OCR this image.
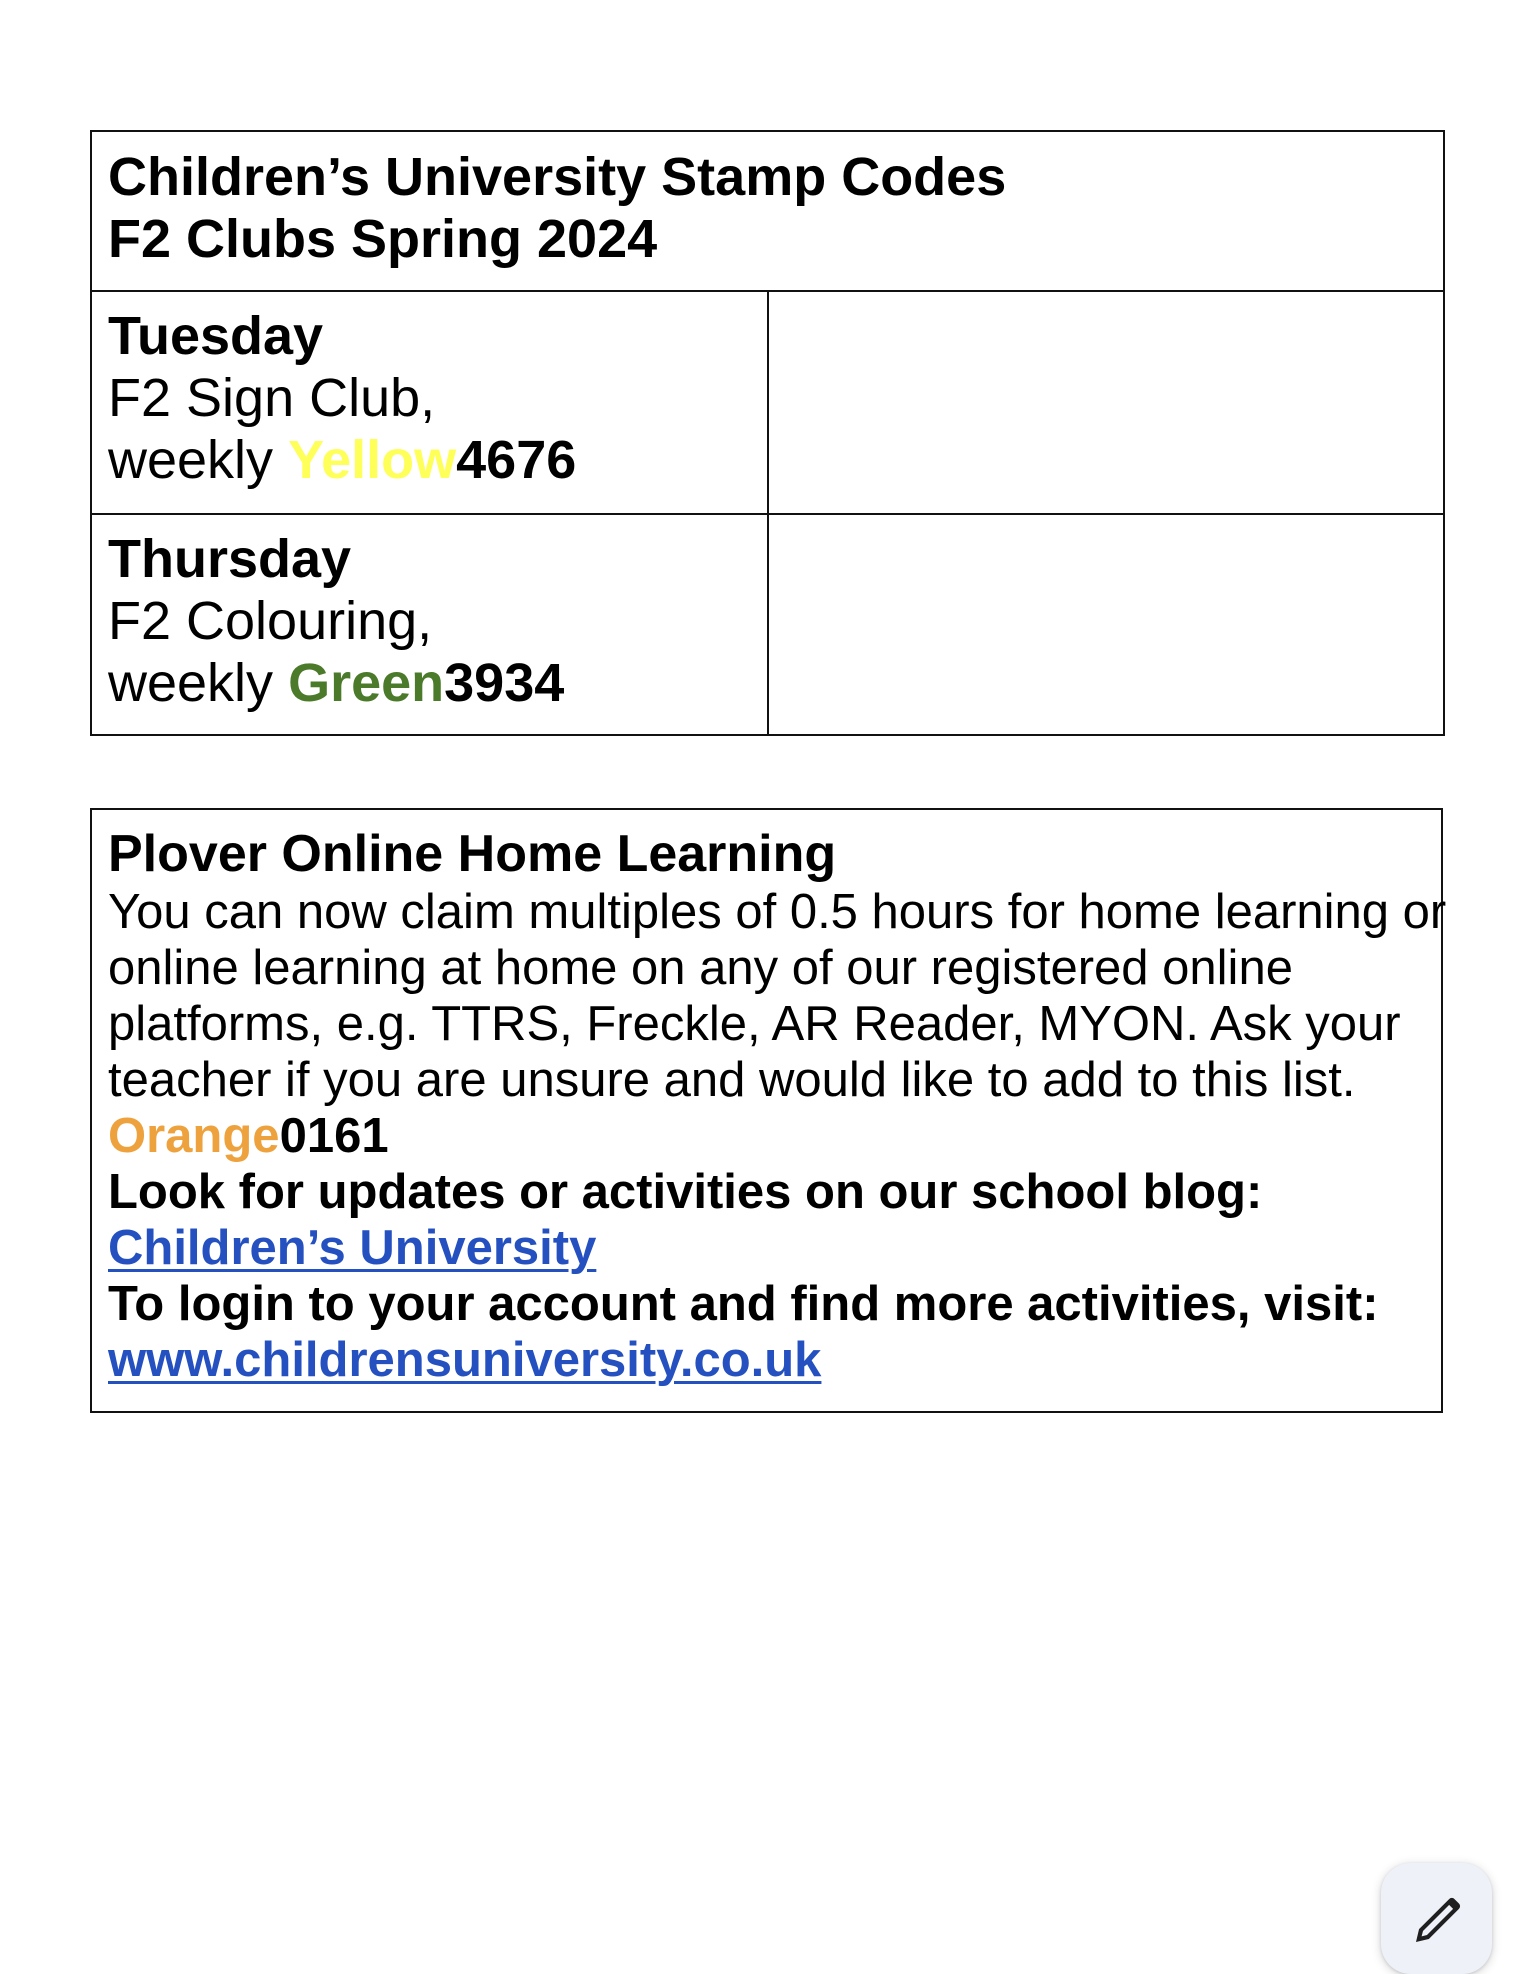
Children’s University Stamp Codes
F2 Clubs Spring 2024	

Tuesday
F2 Sign Club,
weekly Yellow4676	

Thursday
F2 Colouring,
weekly Green3934	

Plover Online Home Learning
You can now claim multiples of 0.5 hours for home learning or
online learning at home on any of our registered online
platforms, e.g. TTRS, Freckle, AR Reader, MYON. Ask your
teacher if you are unsure and would like to add to this list.
Orange0161
Look for updates or activities on our school blog:
Children’s University
To login to your account and find more activities, visit:
www.childrensuniversity.co.uk
